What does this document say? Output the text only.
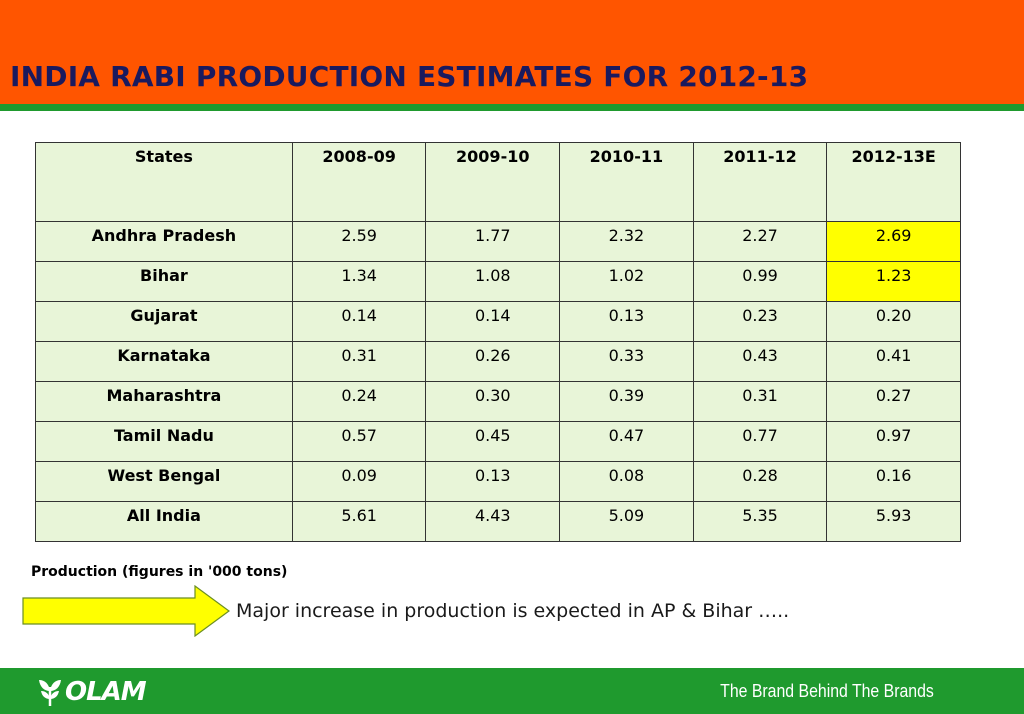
INDIA RABI PRODUCTION ESTIMATES FOR 2012-13
States	2008-09	2009-10	2010-11	2011-12	2012-13E
Andhra Pradesh	2.59	1.77	2.32	2.27	2.69
Bihar	1.34	1.08	1.02	0.99	1.23
Gujarat	0.14	0.14	0.13	0.23	0.20
Karnataka	0.31	0.26	0.33	0.43	0.41
Maharashtra	0.24	0.30	0.39	0.31	0.27
Tamil Nadu	0.57	0.45	0.47	0.77	0.97
West Bengal	0.09	0.13	0.08	0.28	0.16
All India	5.61	4.43	5.09	5.35	5.93
Production (figures in '000 tons)
Major increase in production is expected in AP & Bihar …..
OLAM	The Brand Behind The Brands
